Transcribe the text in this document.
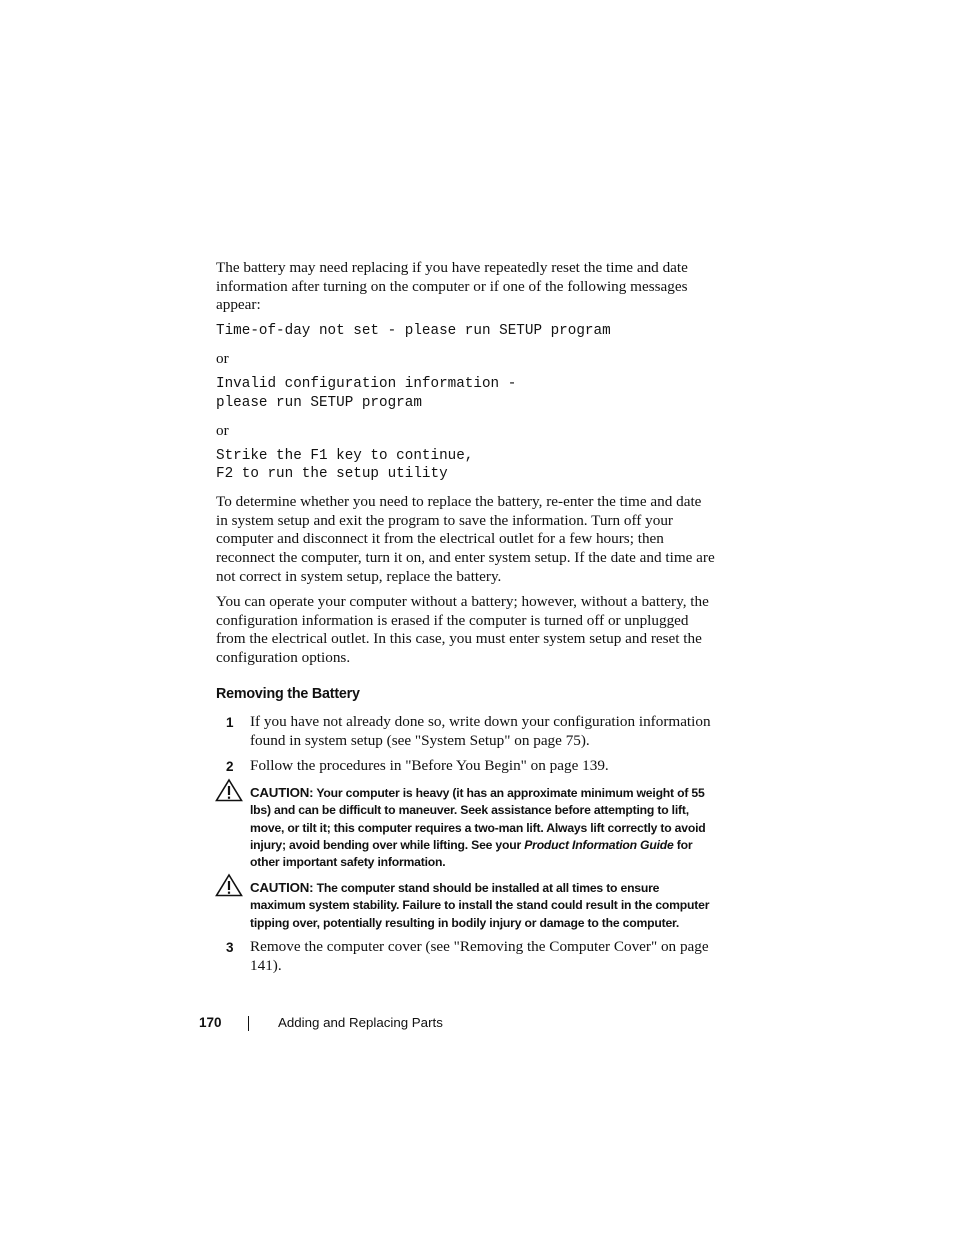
The battery may need replacing if you have repeatedly reset the time and date information after turning on the computer or if one of the following messages appear:

Time-of-day not set - please run SETUP program
or
Invalid configuration information -
please run SETUP program
or
Strike the F1 key to continue,
F2 to run the setup utility

To determine whether you need to replace the battery, re-enter the time and date in system setup and exit the program to save the information. Turn off your computer and disconnect it from the electrical outlet for a few hours; then reconnect the computer, turn it on, and enter system setup. If the date and time are not correct in system setup, replace the battery.

You can operate your computer without a battery; however, without a battery, the configuration information is erased if the computer is turned off or unplugged from the electrical outlet. In this case, you must enter system setup and reset the configuration options.

Removing the Battery
1 If you have not already done so, write down your configuration information found in system setup (see "System Setup" on page 75).
2 Follow the procedures in "Before You Begin" on page 139.
CAUTION: Your computer is heavy (it has an approximate minimum weight of 55 lbs) and can be difficult to maneuver. Seek assistance before attempting to lift, move, or tilt it; this computer requires a two-man lift. Always lift correctly to avoid injury; avoid bending over while lifting. See your Product Information Guide for other important safety information.
CAUTION: The computer stand should be installed at all times to ensure maximum system stability. Failure to install the stand could result in the computer tipping over, potentially resulting in bodily injury or damage to the computer.
3 Remove the computer cover (see "Removing the Computer Cover" on page 141).
170	Adding and Replacing Parts
